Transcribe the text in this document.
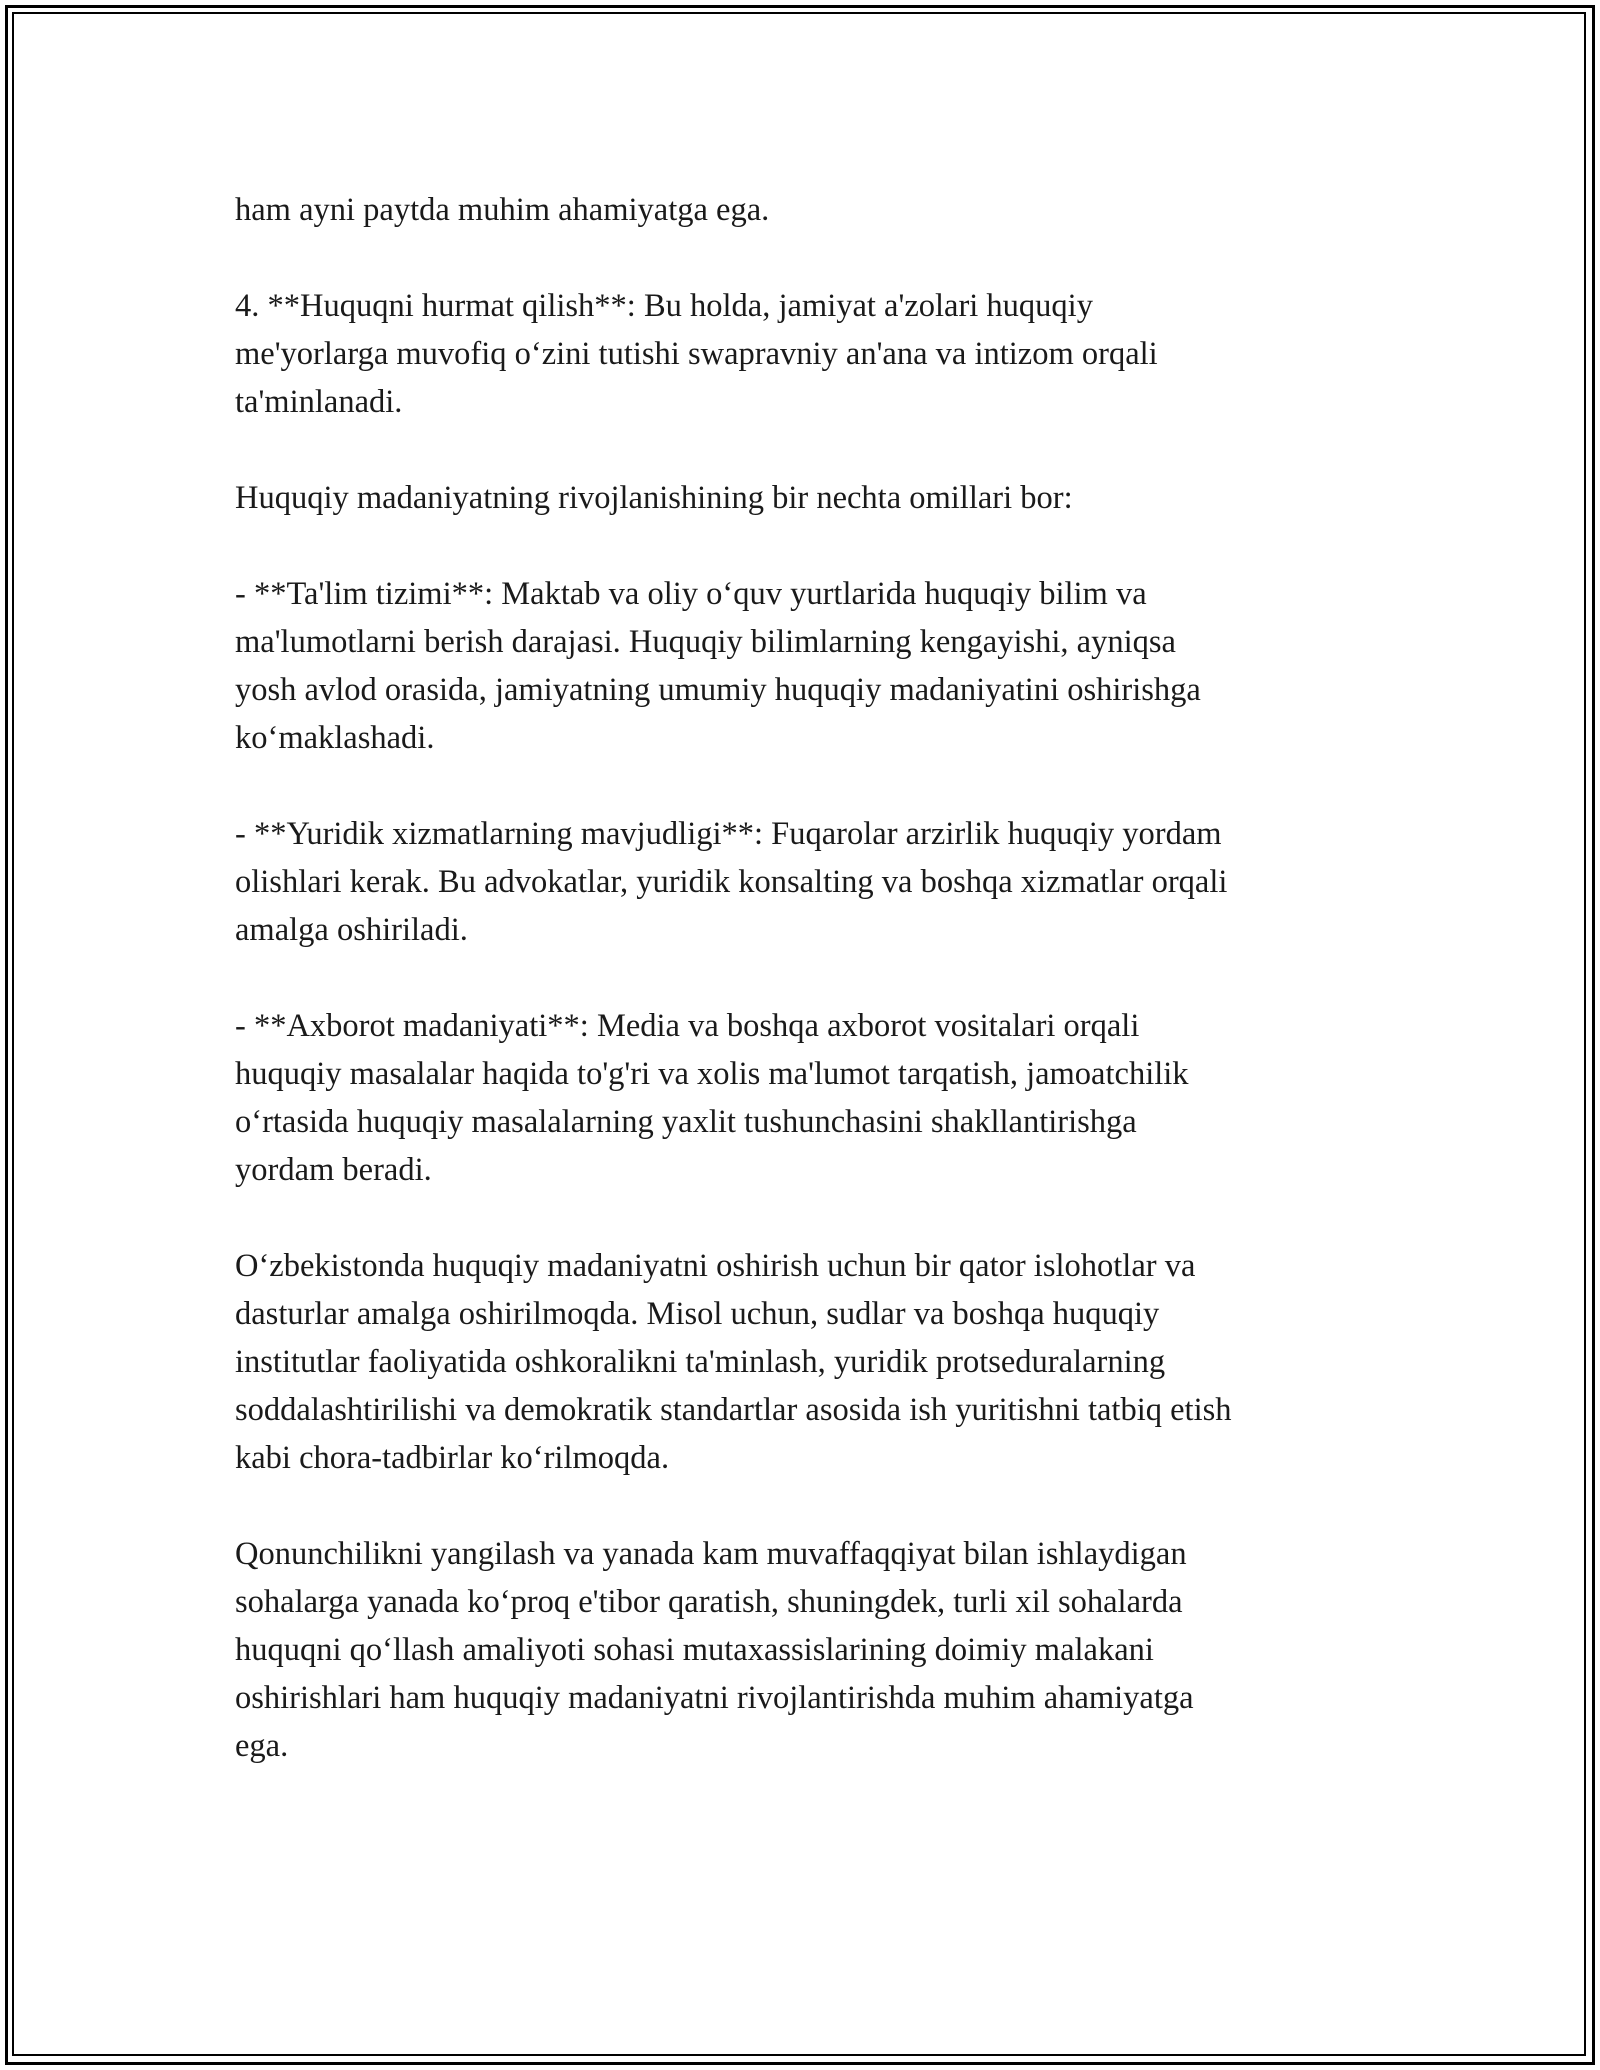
ham ayni paytda muhim ahamiyatga ega.

4. **Huquqni hurmat qilish**: Bu holda, jamiyat a'zolari huquqiy
me'yorlarga muvofiq o‘zini tutishi swapravniy an'ana va intizom orqali
ta'minlanadi.

Huquqiy madaniyatning rivojlanishining bir nechta omillari bor:

- **Ta'lim tizimi**: Maktab va oliy o‘quv yurtlarida huquqiy bilim va
ma'lumotlarni berish darajasi. Huquqiy bilimlarning kengayishi, ayniqsa
yosh avlod orasida, jamiyatning umumiy huquqiy madaniyatini oshirishga
ko‘maklashadi.

- **Yuridik xizmatlarning mavjudligi**: Fuqarolar arzirlik huquqiy yordam
olishlari kerak. Bu advokatlar, yuridik konsalting va boshqa xizmatlar orqali
amalga oshiriladi.

- **Axborot madaniyati**: Media va boshqa axborot vositalari orqali
huquqiy masalalar haqida to'g'ri va xolis ma'lumot tarqatish, jamoatchilik
o‘rtasida huquqiy masalalarning yaxlit tushunchasini shakllantirishga
yordam beradi.

O‘zbekistonda huquqiy madaniyatni oshirish uchun bir qator islohotlar va
dasturlar amalga oshirilmoqda. Misol uchun, sudlar va boshqa huquqiy
institutlar faoliyatida oshkoralikni ta'minlash, yuridik protseduralarning
soddalashtirilishi va demokratik standartlar asosida ish yuritishni tatbiq etish
kabi chora-tadbirlar ko‘rilmoqda.

Qonunchilikni yangilash va yanada kam muvaffaqqiyat bilan ishlaydigan
sohalarga yanada ko‘proq e'tibor qaratish, shuningdek, turli xil sohalarda
huquqni qo‘llash amaliyoti sohasi mutaxassislarining doimiy malakani
oshirishlari ham huquqiy madaniyatni rivojlantirishda muhim ahamiyatga
ega.
